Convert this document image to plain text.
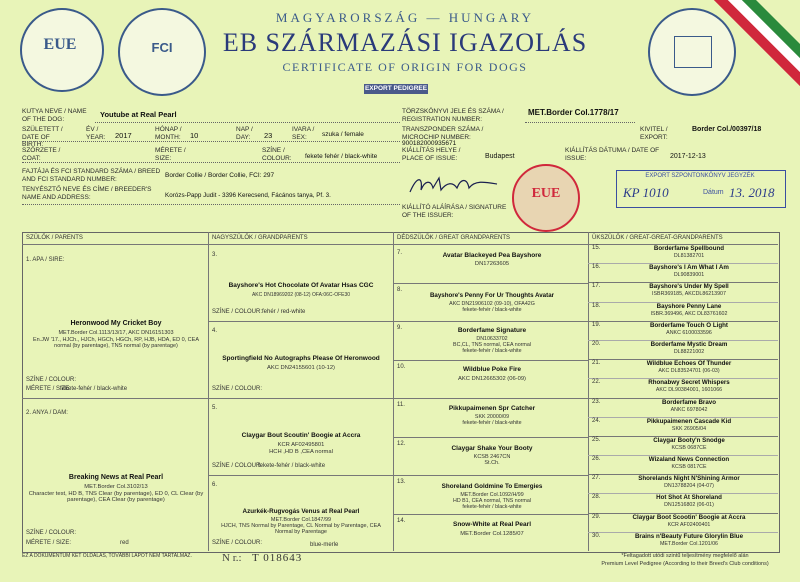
EUE	FCI
MAGYARORSZÁG — HUNGARY
EB SZÁRMAZÁSI IGAZOLÁS
CERTIFICATE OF ORIGIN FOR DOGS
EXPORT PEDIGREE
KUTYA NEVE / NAME OF THE DOG:	Youtube at Real Pearl	TÖRZSKÖNYVI JELE ÉS SZÁMA / REGISTRATION NUMBER:
MET.Border Col.1778/17
SZÜLETETT / DATE OF BIRTH:
ÉV / YEAR:	2017
HÓNAP / MONTH:	10
NAP / DAY:	23
IVARA / SEX:	szuka / female
TRANSZPONDER SZÁMA / MICROCHIP NUMBER:
900182000935671
KIVITEL / EXPORT:
Border Col./00397/18
SZŐRZETE / COAT:
MÉRETE / SIZE:
SZÍNE / COLOUR:	fekete fehér / black-white
KIÁLLÍTÁS HELYE / PLACE OF ISSUE:	Budapest
KIÁLLÍTÁS DÁTUMA / DATE OF ISSUE:	2017-12-13
FAJTÁJA ÉS FCI STANDARD SZÁMA / BREED AND FCI STANDARD NUMBER:	Border Collie / Border Collie, FCI: 297
TENYÉSZTŐ NEVE ÉS CÍME / BREEDER'S NAME AND ADDRESS:	Korózs-Papp Judit - 3396 Kerecsend, Fácános tanya, Pf. 3.
KIÁLLÍTÓ ALÁÍRÁSA / SIGNATURE OF THE ISSUER:
EUE
EXPORT SZPONTONKÖNYV JEGYZÉK
KP 1010	Dátum 13. 2018
SZÜLŐK / PARENTS	NAGYSZÜLŐK / GRANDPARENTS	DÉDSZÜLŐK / GREAT GRANDPARENTS	ÜKSZÜLŐK / GREAT-GREAT-GRANDPARENTS
1. APA / SIRE:
Heronwood My Cricket Boy
MET.Border Col.1113/13/17, AKC DN16151303
En.JW '17., HJCh., HJCh, HGCh, HGCh, RP, HJB, HDA, ED 0, CEA normal (by parentage), TNS normal (by parentage)
SZÍNE / COLOUR:
fekete-fehér / black-white
MÉRETE / SIZE:
2. ANYA / DAM:
Breaking News at Real Pearl
MET.Border Col.3102/13
Character test, HD B, TNS Clear (by parentage), ED 0, CL Clear (by parentage), CEA Clear (by parentage)
SZÍNE / COLOUR:
MÉRETE / SIZE:	red
3.
Bayshore's Hot Chocolate Of Avatar Hsas CGC
AKC DN18969202 (08-12) OFA:06C-OFE30
SZÍNE / COLOUR: fehér / red-white
4.
Sportingfield No Autographs Please Of Heronwood
AKC DN24155601 (10-12)
SZÍNE / COLOUR:
5.
Claygar Bout Scoutin' Boogie at Accra
KCR AF02495801
HCH ,HD B ,CEA normal
SZÍNE / COLOUR:
fekete-fehér / black-white
6.
Azurkék-Rugvogás Venus at Real Pearl
MET.Border Col.1847/99
HJCH, TNS Normal by Parentage, CL Normal by Parentage, CEA Normal by Parentage
SZÍNE / COLOUR:	blue-merle
7.	Avatar Blackeyed Pea Bayshore
DN17263605
8.
Bayshore's Penny For Ur Thoughts Avatar
AKC DN21906102 (09-10), OFA42G
fekete-fehér / black-white
9.	Borderfame Signature
DN10633702
BC,CL, TNS normal, CEA normal
fekete-fehér / black-white
10.	Wildblue Poke Fire
AKC DN12665302 (06-09)
11.	Pikkupaimenen Spr Catcher
SKK 20000/09
fekete-fehér / black-white
12.
Claygar Shake Your Booty
KCSB 2467CN
St.Ch.
13.
Shoreland Goldmine To Emergies
MET.Border Col.1092/H/99
HD B1, CEA normal, TNS normal
fekete-fehér / black-white
14.	Snow-White at Real Pearl
MET.Border Col.1285/07
15.	Borderfame Spellbound
DL81382701
16.	Bayshore's I Am What I Am
DL90839001
17.	Bayshore's Under My Spell
ISBR369185, AKCDL86213907
18.	Bayshore Penny Lane
ISBR.369496, AKC DL83761602
19.	Borderfame Touch O Light
ANKC 6100033596
20.	Borderfame Mystic Dream
DL88221002
21.	Wildblue Echoes Of Thunder
AKC DL83524701 (06-03)
22.	Rhonabwy Secret Whispers
AKC DL90384001, 1601066
23.	Borderfame Bravo
ANKC 6978042
24.	Pikkupaimenen Cascade Kid
SKK 26905/04
25.	Claygar Booty'n Snodge
KCSB 0687CE
26.	Wizaland News Connection
KCSB 0817CE
27.	Shorelands Night N'Shining Armor
DN13788204 (04-07)
28.	Hot Shot At Shoreland
DN12516802 (06-01)
29.	Claygar Boot Scootin' Boogie at Accra
KCR AF02400401
30.	Brains n'Beauty Future Glorylin Blue
MET.Border Col.1201/06
EZ A DOKUMENTUM KET OLDALAS, TOVÁBBI LAPOT NEM TARTALMAZ.	N r.: T 018643	*Feltagadott utódi szintű teljesítmény megfelelő alán
Premium Level Pedigree (According to their Breed's Club conditions)
